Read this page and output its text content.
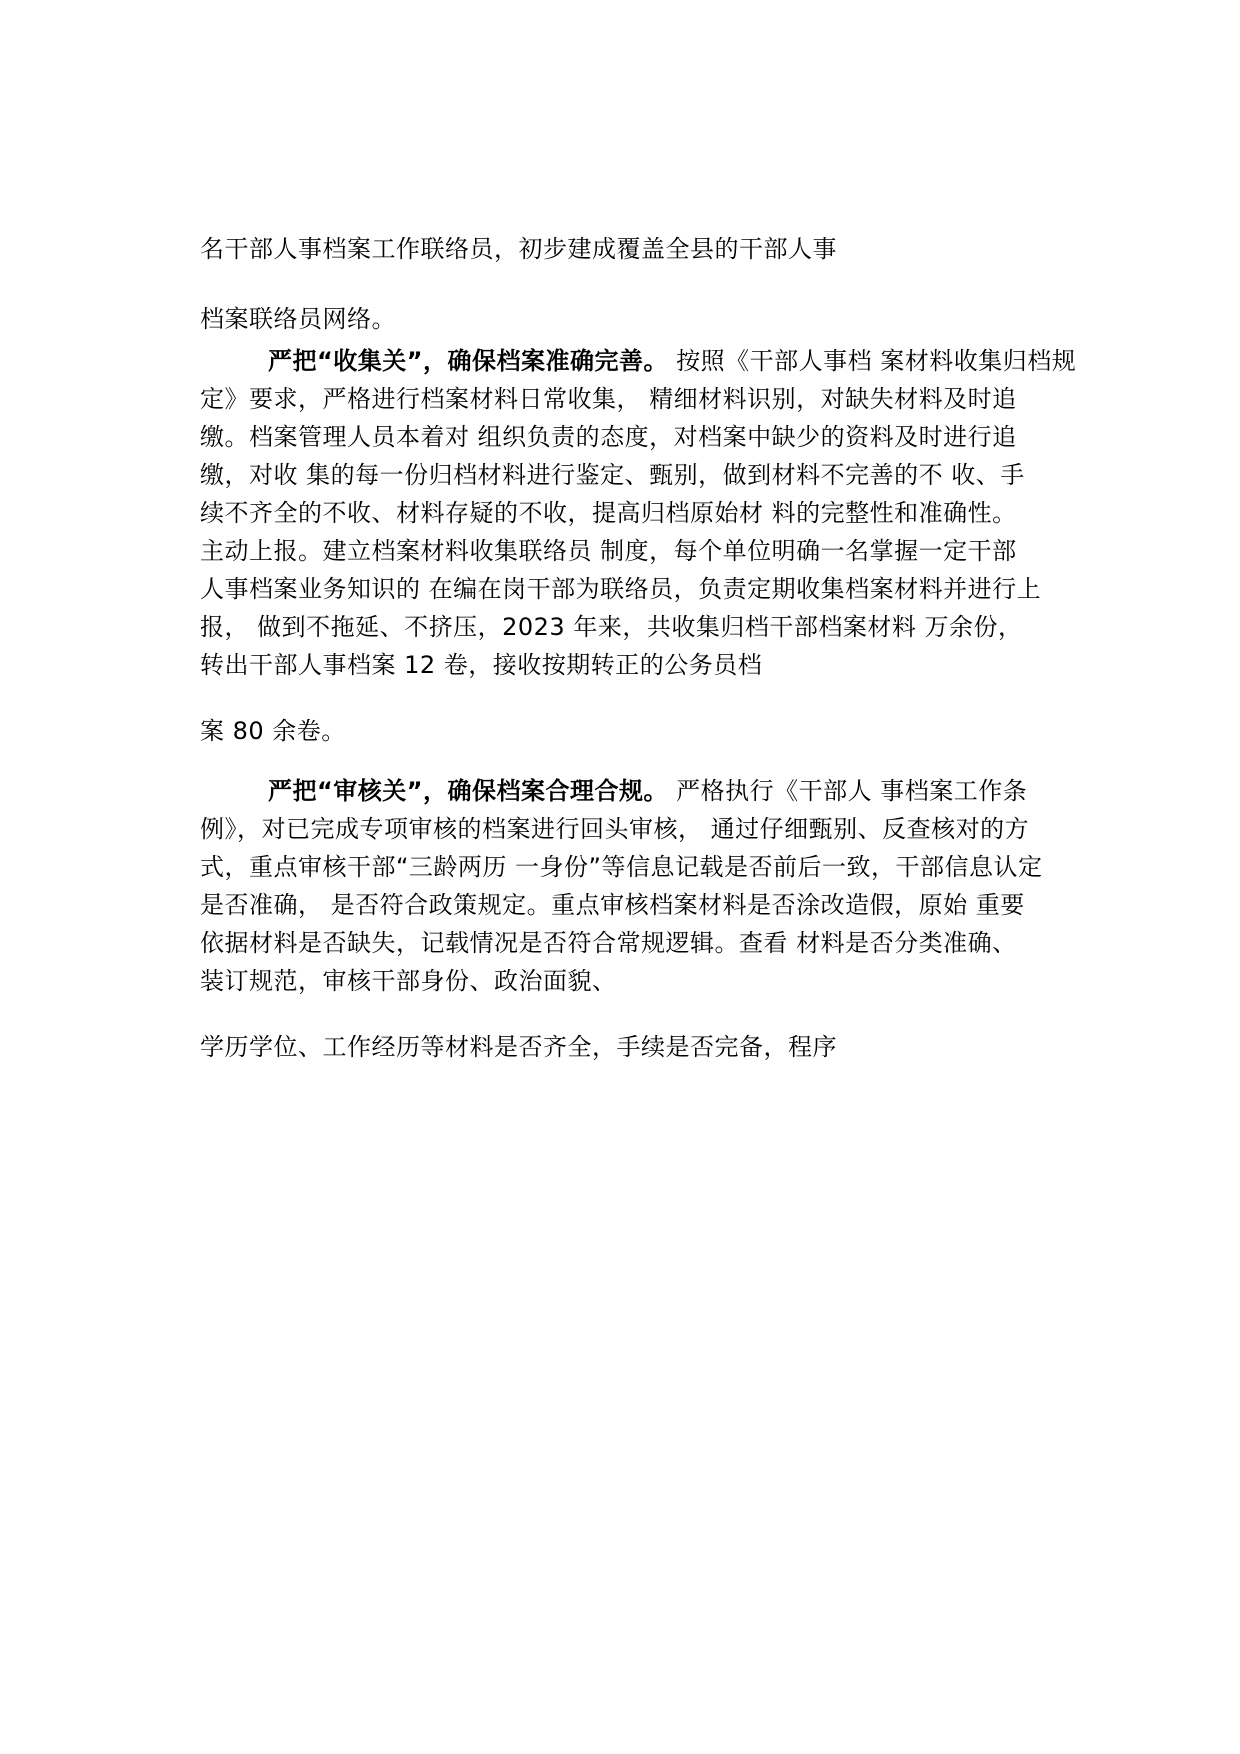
名干部人事档案工作联络员，初步建成覆盖全县的干部人事
档案联络员网络。
严把“收集关”，确保档案准确完善。 按照《干部人事档 案材料收集归档规
定》要求，严格进行档案材料日常收集， 精细材料识别，对缺失材料及时追
缴。档案管理人员本着对 组织负责的态度，对档案中缺少的资料及时进行追
缴，对收 集的每一份归档材料进行鉴定、甄别，做到材料不完善的不 收、手
续不齐全的不收、材料存疑的不收，提高归档原始材 料的完整性和准确性。
主动上报。建立档案材料收集联络员 制度，每个单位明确一名掌握一定干部
人事档案业务知识的 在编在岗干部为联络员，负责定期收集档案材料并进行上
报， 做到不拖延、不挤压，2023 年来，共收集归档干部档案材料 万余份，
转出干部人事档案 12 卷，接收按期转正的公务员档
案 80 余卷。
严把“审核关”，确保档案合理合规。 严格执行《干部人 事档案工作条
例》，对已完成专项审核的档案进行回头审核， 通过仔细甄别、反查核对的方
式，重点审核干部“三龄两历 一身份”等信息记载是否前后一致，干部信息认定
是否准确， 是否符合政策规定。重点审核档案材料是否涂改造假，原始 重要
依据材料是否缺失，记载情况是否符合常规逻辑。查看 材料是否分类准确、
装订规范，审核干部身份、政治面貌、
学历学位、工作经历等材料是否齐全，手续是否完备，程序
